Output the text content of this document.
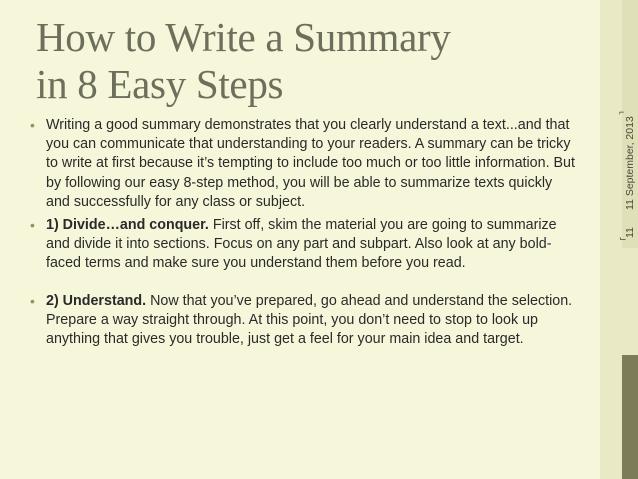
How to Write a Summary
in 8 Easy Steps
• Writing a good summary demonstrates that you clearly understand a text...and that you can communicate that understanding to your readers. A summary can be tricky to write at first because it’s tempting to include too much or too little information. But by following our easy 8-step method, you will be able to summarize texts quickly and successfully for any class or subject.
• 1) Divide…and conquer. First off, skim the material you are going to summarize and divide it into sections. Focus on any part and subpart. Also look at any bold-faced terms and make sure you understand them before you read.
• 2) Understand. Now that you’ve prepared, go ahead and understand the selection. Prepare a way straight through. At this point, you don’t need to stop to look up anything that gives you trouble, just get a feel for your main idea and target.
⌐
11 September, 2013
11
⌙
